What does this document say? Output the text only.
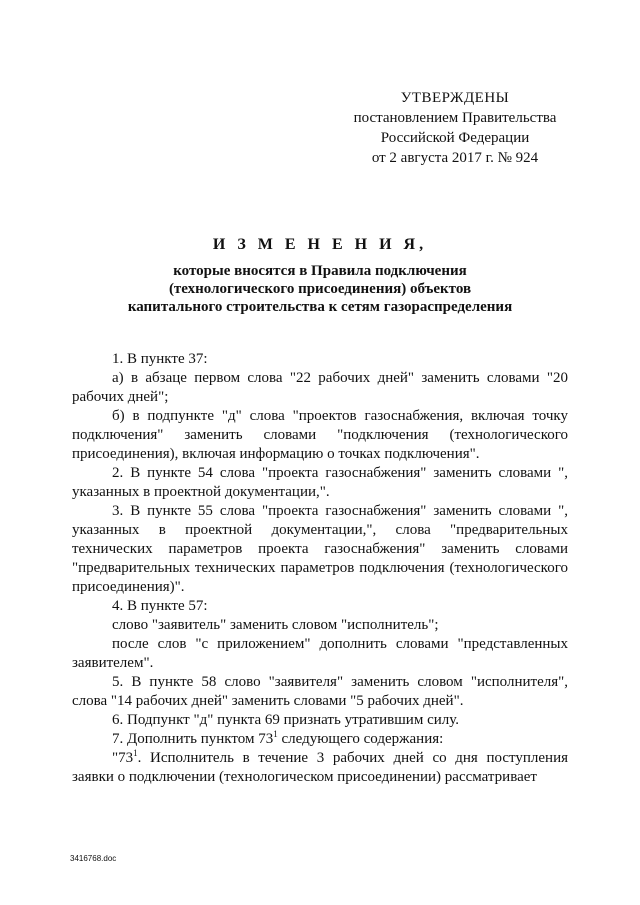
УТВЕРЖДЕНЫ
постановлением Правительства
Российской Федерации
от 2 августа 2017 г. № 924
И З М Е Н Е Н И Я,
которые вносятся в Правила подключения
(технологического присоединения) объектов
капитального строительства к сетям газораспределения

1. В пункте 37:

а) в абзаце первом слова "22 рабочих дней" заменить словами "20 рабочих дней";

б) в подпункте "д" слова "проектов газоснабжения, включая точку подключения" заменить словами "подключения (технологического присоединения), включая информацию о точках подключения".

2. В пункте 54 слова "проекта газоснабжения" заменить словами ", указанных в проектной документации,".

3. В пункте 55 слова "проекта газоснабжения" заменить словами ", указанных в проектной документации,", слова "предварительных технических параметров проекта газоснабжения" заменить словами "предварительных технических параметров подключения (технологического присоединения)".

4. В пункте 57:

слово "заявитель" заменить словом "исполнитель";

после слов "с приложением" дополнить словами "представленных заявителем".

5. В пункте 58 слово "заявителя" заменить словом "исполнителя", слова "14 рабочих дней" заменить словами "5 рабочих дней".

6. Подпункт "д" пункта 69 признать утратившим силу.

7. Дополнить пунктом $73^1$ следующего содержания:

"$73^1$. Исполнитель в течение 3 рабочих дней со дня поступления заявки о подключении (технологическом присоединении) рассматривает

3416768.doc
